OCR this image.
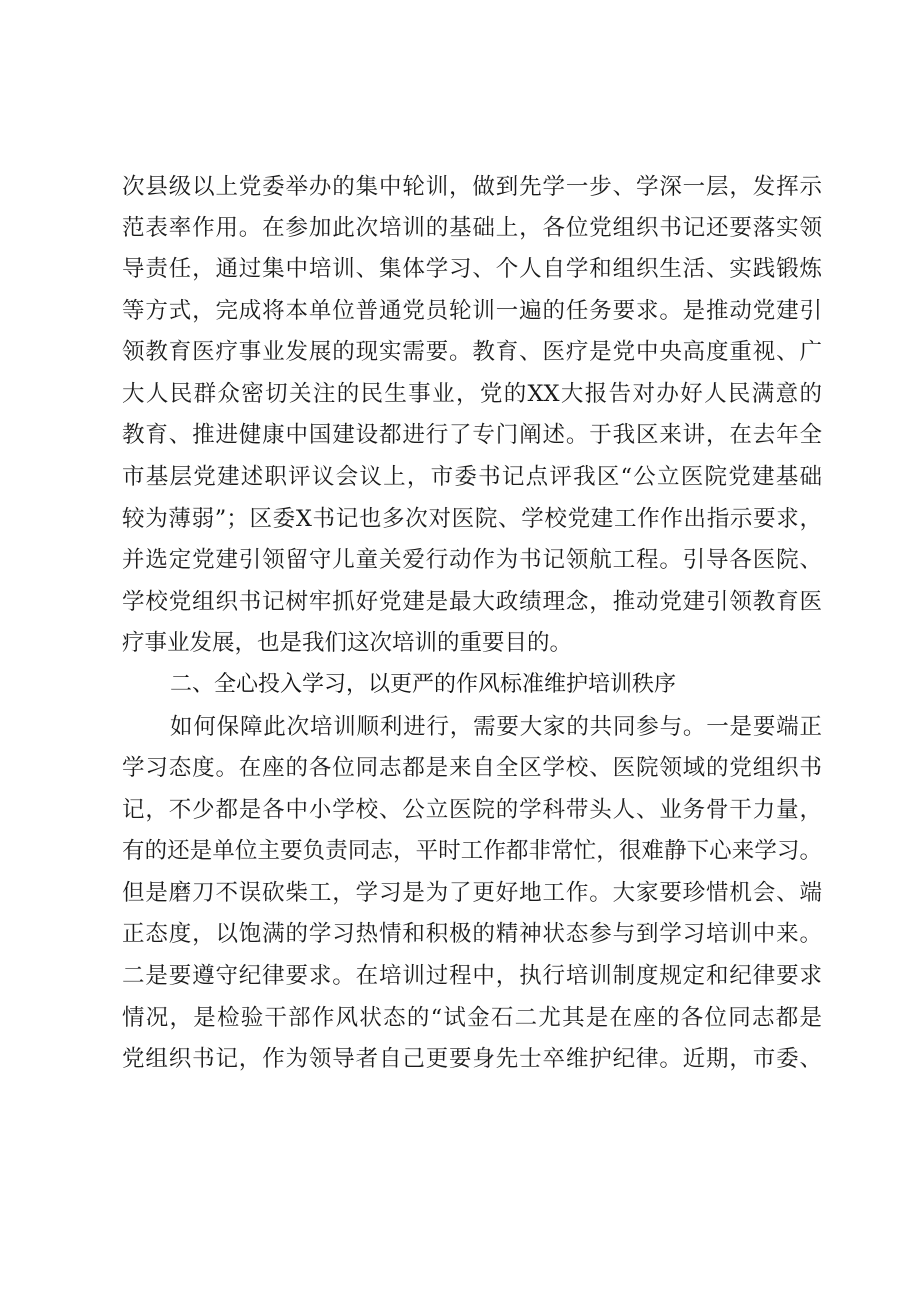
次县级以上党委举办的集中轮训，做到先学一步、学深一层，发挥示
范表率作用。在参加此次培训的基础上，各位党组织书记还要落实领
导责任，通过集中培训、集体学习、个人自学和组织生活、实践锻炼
等方式，完成将本单位普通党员轮训一遍的任务要求。是推动党建引
领教育医疗事业发展的现实需要。教育、医疗是党中央高度重视、广
大人民群众密切关注的民生事业，党的XX大报告对办好人民满意的
教育、推进健康中国建设都进行了专门阐述。于我区来讲，在去年全
市基层党建述职评议会议上，市委书记点评我区“公立医院党建基础
较为薄弱”；区委X书记也多次对医院、学校党建工作作出指示要求，
并选定党建引领留守儿童关爱行动作为书记领航工程。引导各医院、
学校党组织书记树牢抓好党建是最大政绩理念，推动党建引领教育医
疗事业发展，也是我们这次培训的重要目的。
二、全心投入学习，以更严的作风标准维护培训秩序
如何保障此次培训顺利进行，需要大家的共同参与。一是要端正
学习态度。在座的各位同志都是来自全区学校、医院领域的党组织书
记，不少都是各中小学校、公立医院的学科带头人、业务骨干力量，
有的还是单位主要负责同志，平时工作都非常忙，很难静下心来学习。
但是磨刀不误砍柴工，学习是为了更好地工作。大家要珍惜机会、端
正态度，以饱满的学习热情和积极的精神状态参与到学习培训中来。
二是要遵守纪律要求。在培训过程中，执行培训制度规定和纪律要求
情况，是检验干部作风状态的“试金石二尤其是在座的各位同志都是
党组织书记，作为领导者自己更要身先士卒维护纪律。近期，市委、
